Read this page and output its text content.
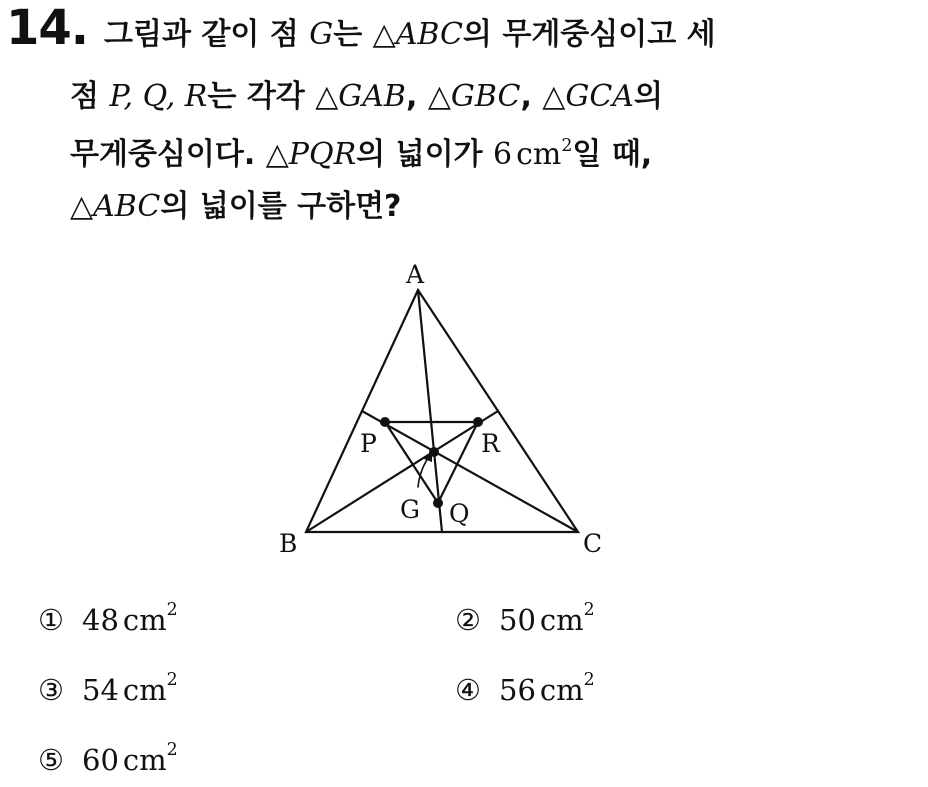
14. 그림과 같이 점 G는 △ABC의 무게중심이고 세
점 P, Q, R는 각각 △GAB, △GBC, △GCA의
무게중심이다. △PQR의 넓이가 6 $cm^2$일 때,
△ABC의 넓이를 구하면?
A
B	C
P	R
G Q
① 48 $cm^2$	② 50 $cm^2$
③ 54 $cm^2$	④ 56 $cm^2$
⑤ 60 $cm^2$
